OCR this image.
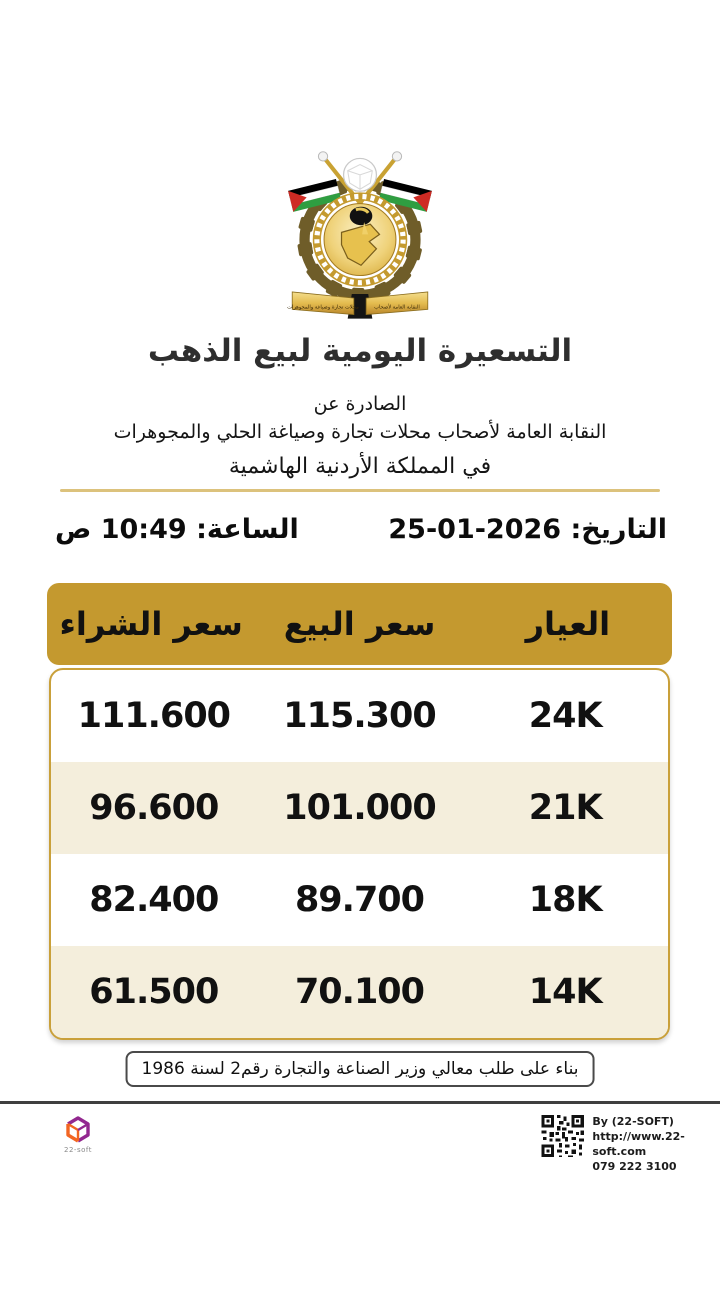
محلات تجارة وصياغة والمجوهرات	النقابة العامة لأصحاب
التسعيرة اليومية لبيع الذهب
الصادرة عن
النقابة العامة لأصحاب محلات تجارة وصياغة الحلي والمجوهرات
في المملكة الأردنية الهاشمية
التاريخ: 25-01-2026
الساعة: 10:49 ص
العيار
سعر البيع
سعر الشراء
24K
115.300
111.600
21K
101.000
96.600
18K
89.700
82.400
14K
70.100
61.500
بناء على طلب معالي وزير الصناعة والتجارة رقم2 لسنة 1986
22-soft
By (22-SOFT)
http://www.22-soft.com
079 222 3100
